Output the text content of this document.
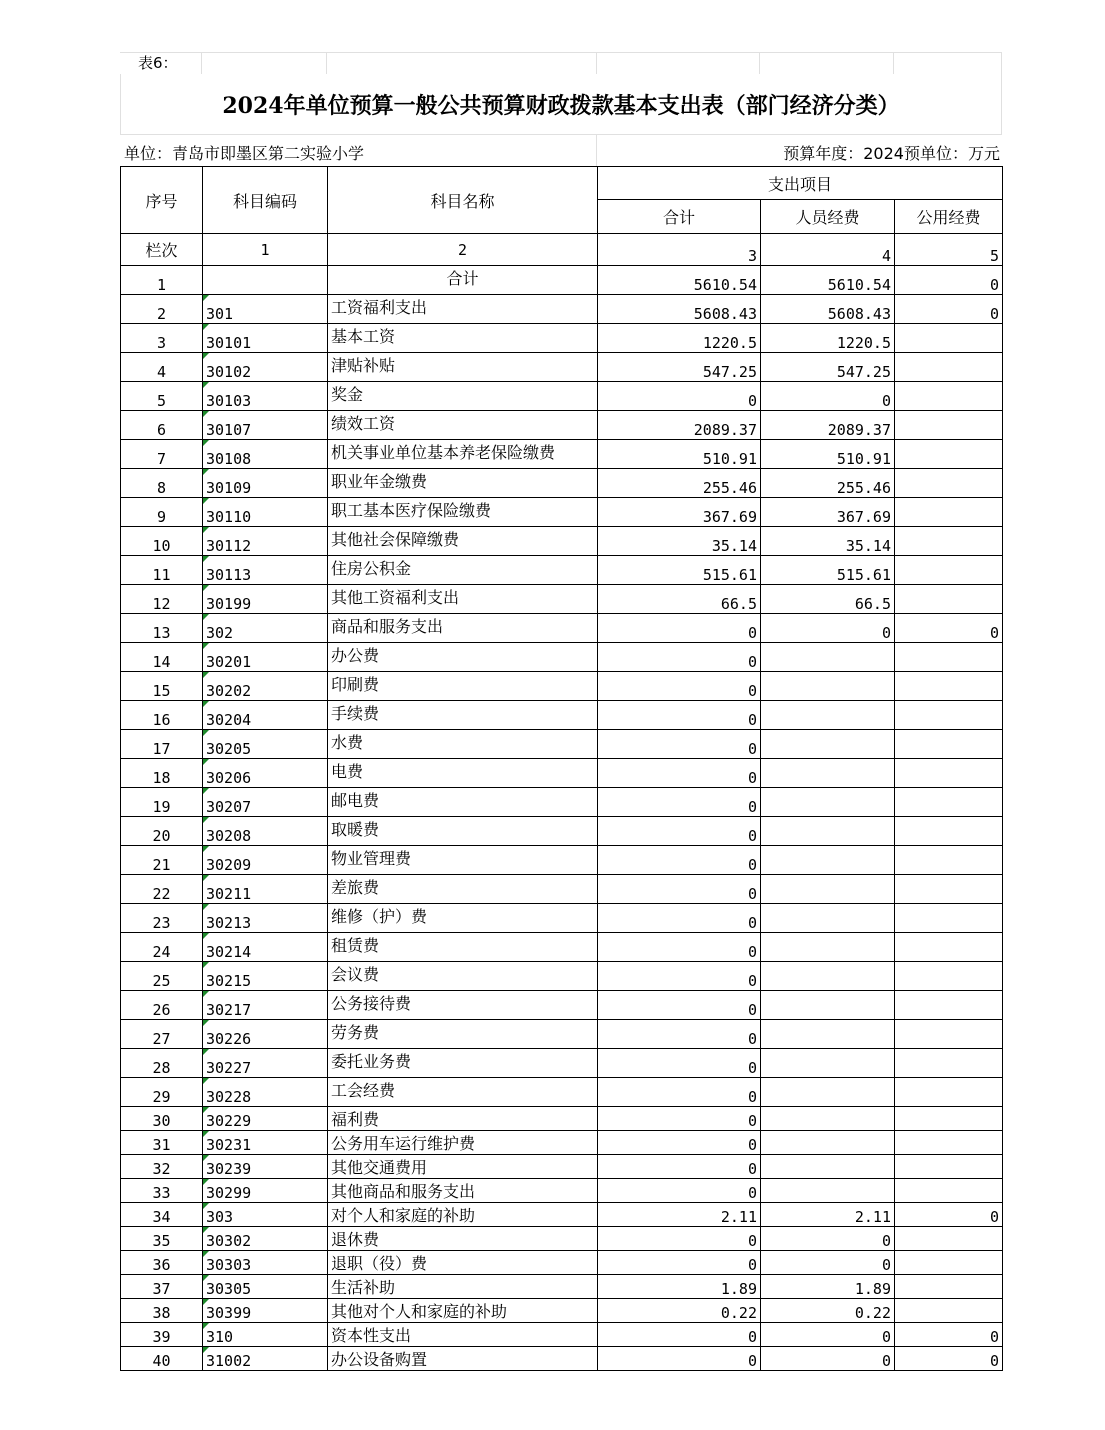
表6：
2024年单位预算一般公共预算财政拨款基本支出表（部门经济分类）
单位：青岛市即墨区第二实验小学	预算年度：2024预单位：万元
序号	科目编码	科目名称	支出项目		
			合计	人员经费	公用经费
栏次	1	2	3	4	5
1		合计	5610.54	5610.54	0
2	301	工资福利支出	5608.43	5608.43	0
3	30101	基本工资	1220.5	1220.5	
4	30102	津贴补贴	547.25	547.25	
5	30103	奖金	0	0	
6	30107	绩效工资	2089.37	2089.37	
7	30108	机关事业单位基本养老保险缴费	510.91	510.91	
8	30109	职业年金缴费	255.46	255.46	
9	30110	职工基本医疗保险缴费	367.69	367.69	
10	30112	其他社会保障缴费	35.14	35.14	
11	30113	住房公积金	515.61	515.61	
12	30199	其他工资福利支出	66.5	66.5	
13	302	商品和服务支出	0	0	0
14	30201	办公费	0		
15	30202	印刷费	0		
16	30204	手续费	0		
17	30205	水费	0		
18	30206	电费	0		
19	30207	邮电费	0		
20	30208	取暖费	0		
21	30209	物业管理费	0		
22	30211	差旅费	0		
23	30213	维修（护）费	0		
24	30214	租赁费	0		
25	30215	会议费	0		
26	30217	公务接待费	0		
27	30226	劳务费	0		
28	30227	委托业务费	0		
29	30228	工会经费	0		
30	30229	福利费	0		
31	30231	公务用车运行维护费	0		
32	30239	其他交通费用	0		
33	30299	其他商品和服务支出	0		
34	303	对个人和家庭的补助	2.11	2.11	0
35	30302	退休费	0	0	
36	30303	退职（役）费	0	0	
37	30305	生活补助	1.89	1.89	
38	30399	其他对个人和家庭的补助	0.22	0.22	
39	310	资本性支出	0	0	0
40	31002	办公设备购置	0	0	0
